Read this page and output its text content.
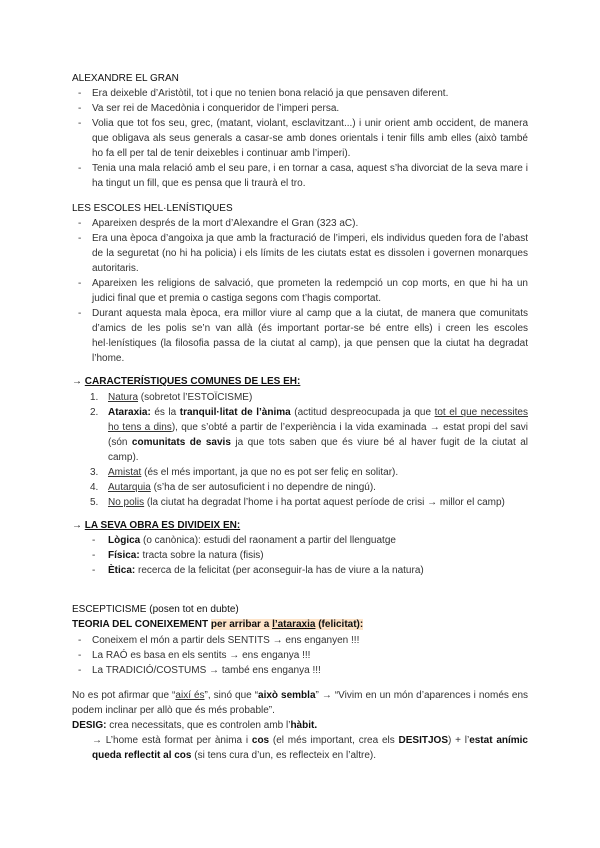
ALEXANDRE EL GRAN
- Era deixeble d’Aristòtil, tot i que no tenien bona relació ja que pensaven diferent.
- Va ser rei de Macedònia i conqueridor de l’imperi persa.
- Volia que tot fos seu, grec, (matant, violant, esclavitzant...) i unir orient amb occident, de manera que obligava als seus generals a casar-se amb dones orientals i tenir fills amb elles (això també ho fa ell per tal de tenir deixebles i continuar amb l’imperi).
- Tenia una mala relació amb el seu pare, i en tornar a casa, aquest s’ha divorciat de la seva mare i ha tingut un fill, que es pensa que li traurà el tro.
LES ESCOLES HEL·LENÍSTIQUES
- Apareixen després de la mort d’Alexandre el Gran (323 aC).
- Era una època d’angoixa ja que amb la fracturació de l’imperi, els individus queden fora de l’abast de la seguretat (no hi ha policia) i els límits de les ciutats estat es dissolen i governen monarques autoritaris.
- Apareixen les religions de salvació, que prometen la redempció un cop morts, en que hi ha un judici final que et premia o castiga segons com t’hagis comportat.
- Durant aquesta mala època, era millor viure al camp que a la ciutat, de manera que comunitats d’amics de les polis se’n van allà (és important portar-se bé entre ells) i creen les escoles hel·lenístiques (la filosofia passa de la ciutat al camp), ja que pensen que la ciutat ha degradat l’home.
→ CARACTERÍSTIQUES COMUNES DE LES EH:
1. Natura (sobretot l’ESTOÏCISME)
2. Ataraxia: és la tranquil·litat de l’ànima (actitud despreocupada ja que tot el que necessites ho tens a dins), que s’obté a partir de l’experiència i la vida examinada → estat propi del savi (són comunitats de savis ja que tots saben que és viure bé al haver fugit de la ciutat al camp).
3. Amistat (és el més important, ja que no es pot ser feliç en solitar).
4. Autarquia (s’ha de ser autosuficient i no dependre de ningú).
5. No polis (la ciutat ha degradat l’home i ha portat aquest període de crisi → millor el camp)
→ LA SEVA OBRA ES DIVIDEIX EN:
- Lògica (o canònica): estudi del raonament a partir del llenguatge
- Física: tracta sobre la natura (fisis)
- Ètica: recerca de la felicitat (per aconseguir-la has de viure a la natura)
ESCEPTICISME (posen tot en dubte)
TEORIA DEL CONEIXEMENT per arribar a l’ataraxia (felicitat):
- Coneixem el món a partir dels SENTITS → ens enganyen !!!
- La RAÓ es basa en els sentits → ens enganya !!!
- La TRADICIÓ/COSTUMS → també ens enganya !!!

No es pot afirmar que “així és”, sinó que “això sembla” → “Vivim en un món d’aparences i només ens podem inclinar per allò que és més probable”.

DESIG: crea necessitats, que es controlen amb l’hàbit.

→ L’home està format per ànima i cos (el més important, crea els DESITJOS) + l’estat anímic queda reflectit al cos (si tens cura d’un, es reflecteix en l’altre).
